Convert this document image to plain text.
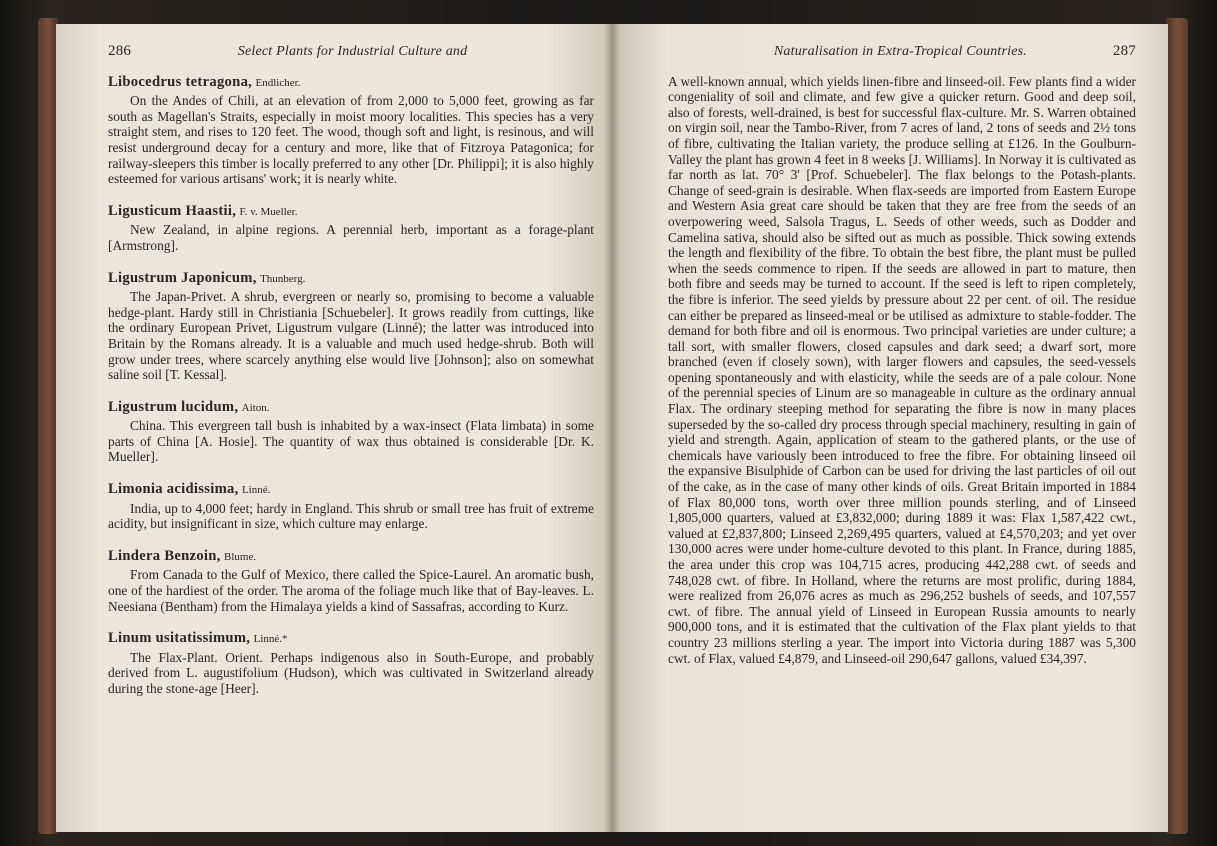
286	Select Plants for Industrial Culture and
Libocedrus tetragona, Endlicher.

On the Andes of Chili, at an elevation of from 2,000 to 5,000 feet, growing as far south as Magellan's Straits, especially in moist moory localities. This species has a very straight stem, and rises to 120 feet. The wood, though soft and light, is resinous, and will resist underground decay for a century and more, like that of Fitzroya Patagonica; for railway-sleepers this timber is locally preferred to any other [Dr. Philippi]; it is also highly esteemed for various artisans' work; it is nearly white.

Ligusticum Haastii, F. v. Mueller.

New Zealand, in alpine regions. A perennial herb, important as a forage-plant [Armstrong].

Ligustrum Japonicum, Thunberg.

The Japan-Privet. A shrub, evergreen or nearly so, promising to become a valuable hedge-plant. Hardy still in Christiania [Schuebeler]. It grows readily from cuttings, like the ordinary European Privet, Ligustrum vulgare (Linné); the latter was introduced into Britain by the Romans already. It is a valuable and much used hedge-shrub. Both will grow under trees, where scarcely anything else would live [Johnson]; also on somewhat saline soil [T. Kessal].

Ligustrum lucidum, Aiton.

China. This evergreen tall bush is inhabited by a wax-insect (Flata limbata) in some parts of China [A. Hosie]. The quantity of wax thus obtained is considerable [Dr. K. Mueller].

Limonia acidissima, Linné.

India, up to 4,000 feet; hardy in England. This shrub or small tree has fruit of extreme acidity, but insignificant in size, which culture may enlarge.

Lindera Benzoin, Blume.

From Canada to the Gulf of Mexico, there called the Spice-Laurel. An aromatic bush, one of the hardiest of the order. The aroma of the foliage much like that of Bay-leaves. L. Neesiana (Bentham) from the Himalaya yields a kind of Sassafras, according to Kurz.

Linum usitatissimum, Linné.*

The Flax-Plant. Orient. Perhaps indigenous also in South-Europe, and probably derived from L. augustifolium (Hudson), which was cultivated in Switzerland already during the stone-age [Heer].

Naturalisation in Extra-Tropical Countries.	287

A well-known annual, which yields linen-fibre and linseed-oil. Few plants find a wider congeniality of soil and climate, and few give a quicker return. Good and deep soil, also of forests, well-drained, is best for successful flax-culture. Mr. S. Warren obtained on virgin soil, near the Tambo-River, from 7 acres of land, 2 tons of seeds and 2½ tons of fibre, cultivating the Italian variety, the produce selling at £126. In the Goulburn-Valley the plant has grown 4 feet in 8 weeks [J. Williams]. In Norway it is cultivated as far north as lat. 70° 3' [Prof. Schuebeler]. The flax belongs to the Potash-plants. Change of seed-grain is desirable. When flax-seeds are imported from Eastern Europe and Western Asia great care should be taken that they are free from the seeds of an overpowering weed, Salsola Tragus, L. Seeds of other weeds, such as Dodder and Camelina sativa, should also be sifted out as much as possible. Thick sowing extends the length and flexibility of the fibre. To obtain the best fibre, the plant must be pulled when the seeds commence to ripen. If the seeds are allowed in part to mature, then both fibre and seeds may be turned to account. If the seed is left to ripen completely, the fibre is inferior. The seed yields by pressure about 22 per cent. of oil. The residue can either be prepared as linseed-meal or be utilised as admixture to stable-fodder. The demand for both fibre and oil is enormous. Two principal varieties are under culture; a tall sort, with smaller flowers, closed capsules and dark seed; a dwarf sort, more branched (even if closely sown), with larger flowers and capsules, the seed-vessels opening spontaneously and with elasticity, while the seeds are of a pale colour. None of the perennial species of Linum are so manageable in culture as the ordinary annual Flax. The ordinary steeping method for separating the fibre is now in many places superseded by the so-called dry process through special machinery, resulting in gain of yield and strength. Again, application of steam to the gathered plants, or the use of chemicals have variously been introduced to free the fibre. For obtaining linseed oil the expansive Bisulphide of Carbon can be used for driving the last particles of oil out of the cake, as in the case of many other kinds of oils. Great Britain imported in 1884 of Flax 80,000 tons, worth over three million pounds sterling, and of Linseed 1,805,000 quarters, valued at £3,832,000; during 1889 it was: Flax 1,587,422 cwt., valued at £2,837,800; Linseed 2,269,495 quarters, valued at £4,570,203; and yet over 130,000 acres were under home-culture devoted to this plant. In France, during 1885, the area under this crop was 104,715 acres, producing 442,288 cwt. of seeds and 748,028 cwt. of fibre. In Holland, where the returns are most prolific, during 1884, were realized from 26,076 acres as much as 296,252 bushels of seeds, and 107,557 cwt. of fibre. The annual yield of Linseed in European Russia amounts to nearly 900,000 tons, and it is estimated that the cultivation of the Flax plant yields to that country 23 millions sterling a year. The import into Victoria during 1887 was 5,300 cwt. of Flax, valued £4,879, and Linseed-oil 290,647 gallons, valued £34,397.
